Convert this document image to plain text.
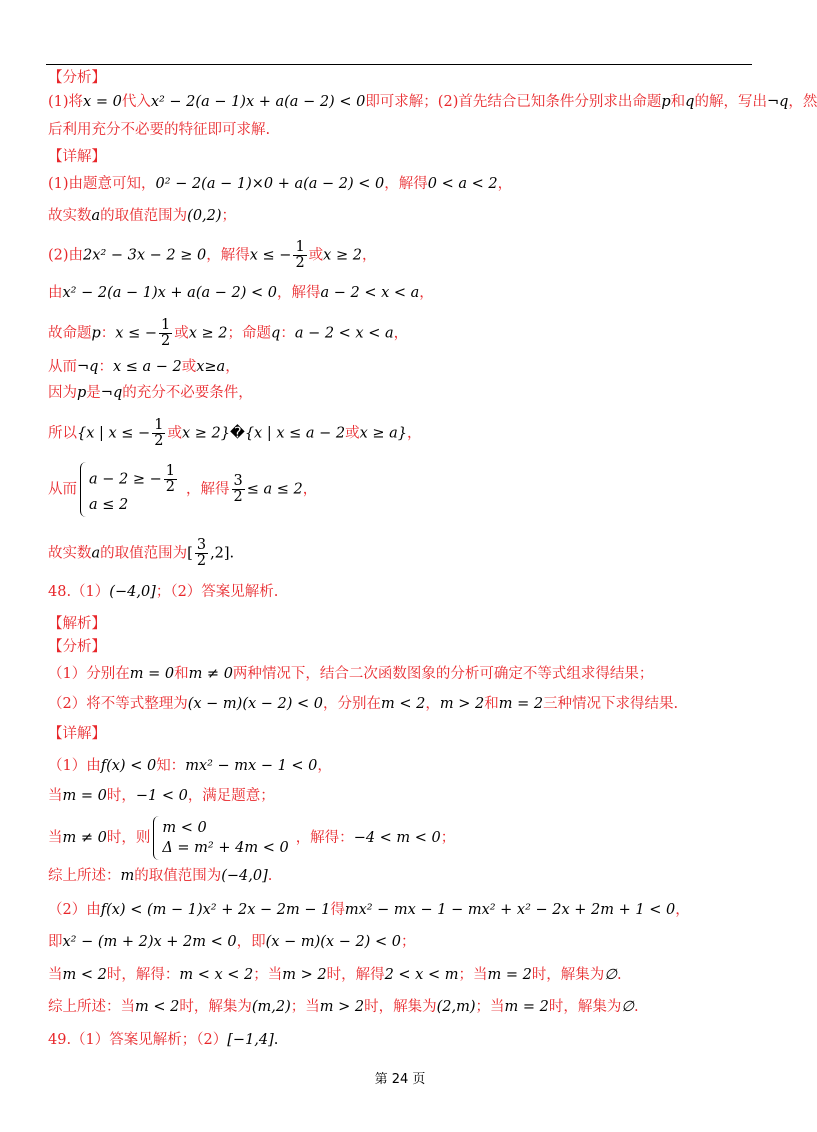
【分析】
(1)将x = 0代入x² − 2(a − 1)x + a(a − 2) < 0即可求解；(2)首先结合已知条件分别求出命题p和q的解，写出¬q，然
后利用充分不必要的特征即可求解.
【详解】
(1)由题意可知，0² − 2(a − 1)×0 + a(a − 2) < 0，解得0 < a < 2，
故实数a的取值范围为(0,2)；
(2)由2x² − 3x − 2 ≥ 0，解得x ≤ − $\frac{1}{2}$ 或x ≥ 2，
由x² − 2(a − 1)x + a(a − 2) < 0，解得a − 2 < x < a，
故命题p：x ≤ − $\frac{1}{2}$ 或x ≥ 2；命题q：a − 2 < x < a，
从而¬q：x ≤ a − 2或x≥a，
因为p是¬q的充分不必要条件，
所以{x | x ≤ − $\frac{1}{2}$ 或x ≥ 2}�{x | x ≤ a − 2或x ≥ a}，
从而
a − 2 ≥ − $\frac{1}{2}$
a ≤ 2
，解得 $\frac{3}{2} \le a \le 2$，
故实数a的取值范围为[ $\frac{3}{2} ,2$].
48.（1）(−4,0]；（2）答案见解析.
【解析】
【分析】
（1）分别在m = 0和m ≠ 0两种情况下，结合二次函数图象的分析可确定不等式组求得结果；
（2）将不等式整理为(x − m)(x − 2) < 0，分别在m < 2，m > 2和m = 2三种情况下求得结果.
【详解】
（1）由f(x) < 0知：mx² − mx − 1 < 0，
当m = 0时，−1 < 0，满足题意；
当m ≠ 0时，则
m < 0
Δ = m² + 4m < 0
，解得：−4 < m < 0；
综上所述：m的取值范围为(−4,0].
（2）由f(x) < (m − 1)x² + 2x − 2m − 1得mx² − mx − 1 − mx² + x² − 2x + 2m + 1 < 0，
即x² − (m + 2)x + 2m < 0，即(x − m)(x − 2) < 0；
当m < 2时，解得：m < x < 2；当m > 2时，解得2 < x < m；当m = 2时，解集为∅.
综上所述：当m < 2时，解集为(m,2)；当m > 2时，解集为(2,m)；当m = 2时，解集为∅.
49.（1）答案见解析；（2）[−1,4].
第 24 页
